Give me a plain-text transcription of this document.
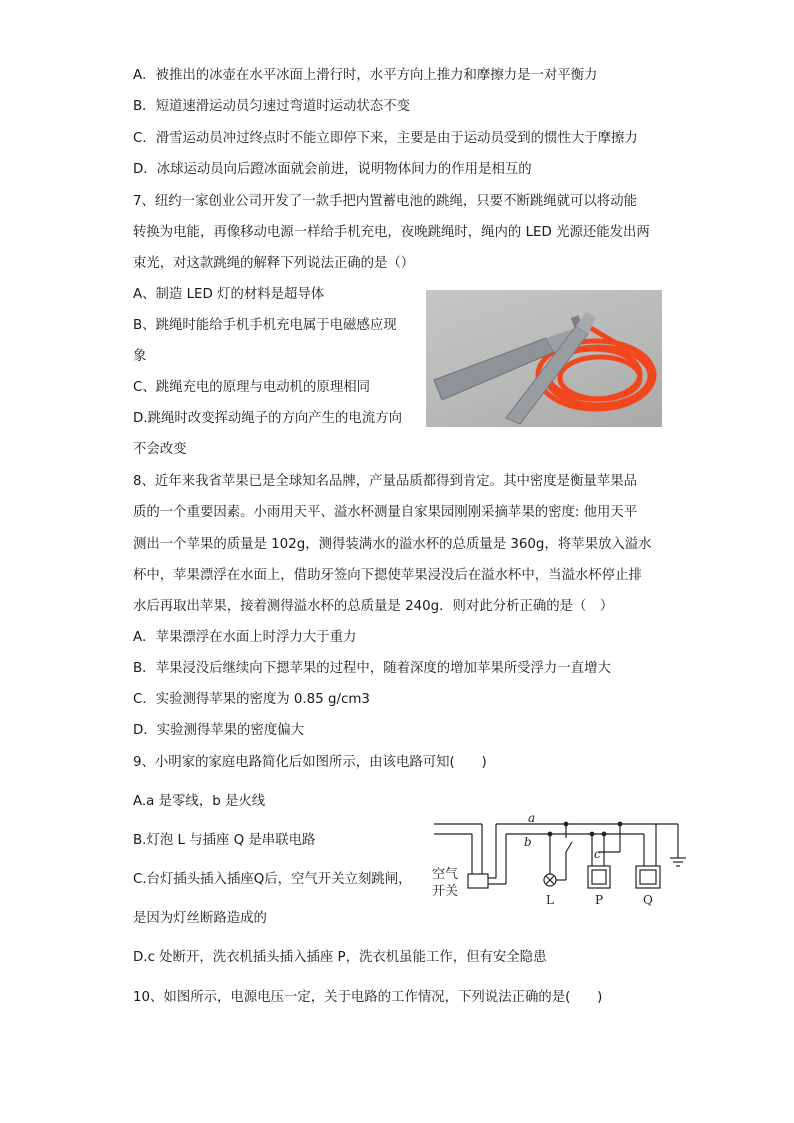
A．被推出的冰壶在水平冰面上滑行时，水平方向上推力和摩擦力是一对平衡力
B．短道速滑运动员匀速过弯道时运动状态不变
C．滑雪运动员冲过终点时不能立即停下来，主要是由于运动员受到的惯性大于摩擦力
D．冰球运动员向后蹬冰面就会前进，说明物体间力的作用是相互的
7、纽约一家创业公司开发了一款手把内置蓄电池的跳绳，只要不断跳绳就可以将动能
转换为电能，再像移动电源一样给手机充电，夜晚跳绳时，绳内的 LED 光源还能发出两
束光，对这款跳绳的解释下列说法正确的是（）
A、制造 LED 灯的材料是超导体
B、跳绳时能给手机手机充电属于电磁感应现
象
C、跳绳充电的原理与电动机的原理相同
D.跳绳时改变挥动绳子的方向产生的电流方向
不会改变
8、近年来我省苹果已是全球知名品牌，产量品质都得到肯定。其中密度是衡量苹果品
质的一个重要因素。小雨用天平、溢水杯测量自家果园刚刚采摘苹果的密度: 他用天平
测出一个苹果的质量是 102g，测得装满水的溢水杯的总质量是 360g，将苹果放入溢水
杯中，苹果漂浮在水面上，借助牙签向下摁使苹果浸没后在溢水杯中，当溢水杯停止排
水后再取出苹果，接着测得溢水杯的总质量是 240g．则对此分析正确的是（　）
A．苹果漂浮在水面上时浮力大于重力
B．苹果浸没后继续向下摁苹果的过程中，随着深度的增加苹果所受浮力一直增大
C．实验测得苹果的密度为 0.85 g/cm3
D．实验测得苹果的密度偏大
9、小明家的家庭电路简化后如图所示，由该电路可知(　　)
A.a 是零线，b 是火线
B.灯泡 L 与插座 Q 是串联电路
C.台灯插头插入插座Q后，空气开关立刻跳闸，
是因为灯丝断路造成的
D.c 处断开，洗衣机插头插入插座 P，洗衣机虽能工作，但有安全隐患
a
b
c
空气
开关
L	P	Q
10、如图所示，电源电压一定，关于电路的工作情况，下列说法正确的是(　　)
